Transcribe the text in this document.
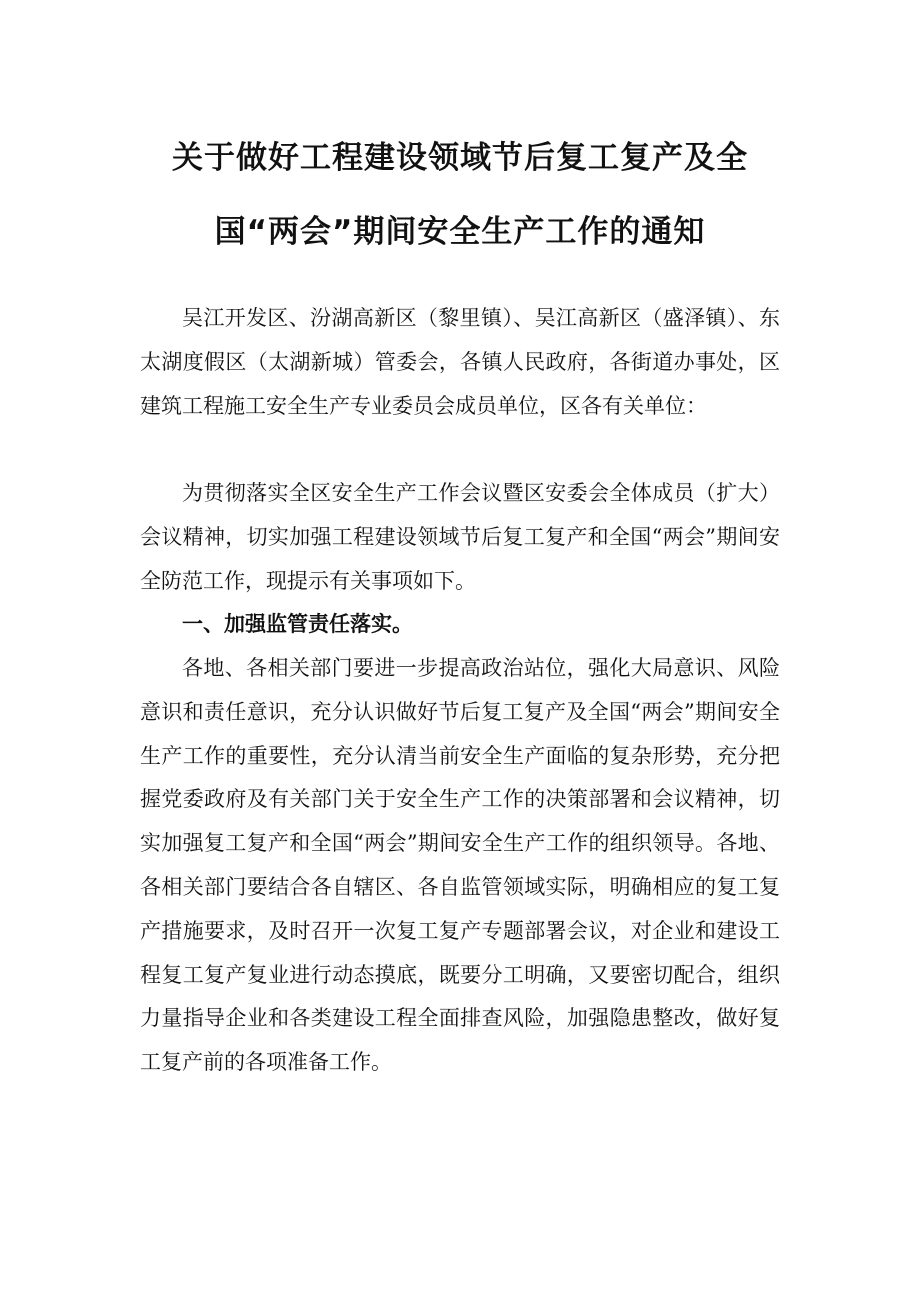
关于做好工程建设领域节后复工复产及全
国“两会”期间安全生产工作的通知

吴江开发区、汾湖高新区（黎里镇）、吴江高新区（盛泽镇）、东太湖度假区（太湖新城）管委会，各镇人民政府，各街道办事处，区建筑工程施工安全生产专业委员会成员单位，区各有关单位：

为贯彻落实全区安全生产工作会议暨区安委会全体成员（扩大）会议精神，切实加强工程建设领域节后复工复产和全国“两会”期间安全防范工作，现提示有关事项如下。

一、加强监管责任落实。

各地、各相关部门要进一步提高政治站位，强化大局意识、风险意识和责任意识，充分认识做好节后复工复产及全国“两会”期间安全生产工作的重要性，充分认清当前安全生产面临的复杂形势，充分把握党委政府及有关部门关于安全生产工作的决策部署和会议精神，切实加强复工复产和全国“两会”期间安全生产工作的组织领导。各地、各相关部门要结合各自辖区、各自监管领域实际，明确相应的复工复产措施要求，及时召开一次复工复产专题部署会议，对企业和建设工程复工复产复业进行动态摸底，既要分工明确，又要密切配合，组织力量指导企业和各类建设工程全面排查风险，加强隐患整改，做好复工复产前的各项准备工作。
